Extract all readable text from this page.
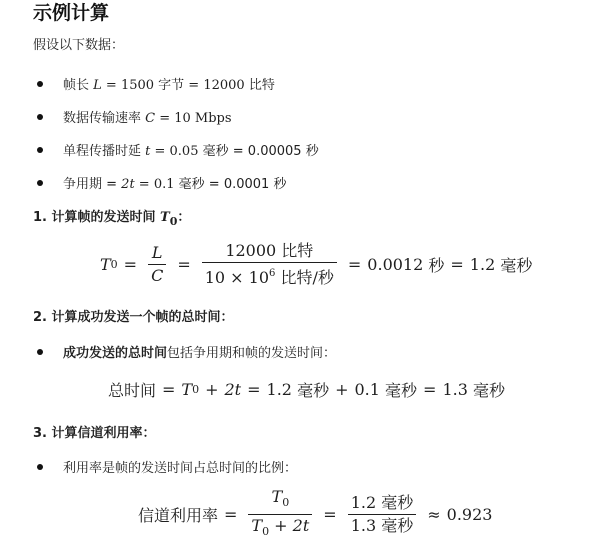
示例计算
假设以下数据：
帧长 L = 1500 字节 = 12000 比特
数据传输速率 C = 10 Mbps
单程传播时延 t = 0.05 毫秒 = 0.00005 秒
争用期 = 2t = 0.1 毫秒 = 0.0001 秒
1. 计算帧的发送时间 $T_0$：
T $0 = \frac{L}{C} = \frac{\text{12000 比特}}{10 \times 10^6 比特/秒} = 0.0012$
秒 = 1.2
毫秒
2. 计算成功发送一个帧的总时间：
成功发送的总时间包括争用期和帧的发送时间：
总时间 = T 0 + 2t = 1.2
毫秒 + 0.1
毫秒 = 1.3
毫秒
3. 计算信道利用率：
利用率是帧的发送时间占总时间的比例：
信道利用率 = $\frac{T_0}{T_0 + 2t} = \frac{\text{1.2 毫秒}}{\text{1.3 毫秒}} \approx 0.923$
